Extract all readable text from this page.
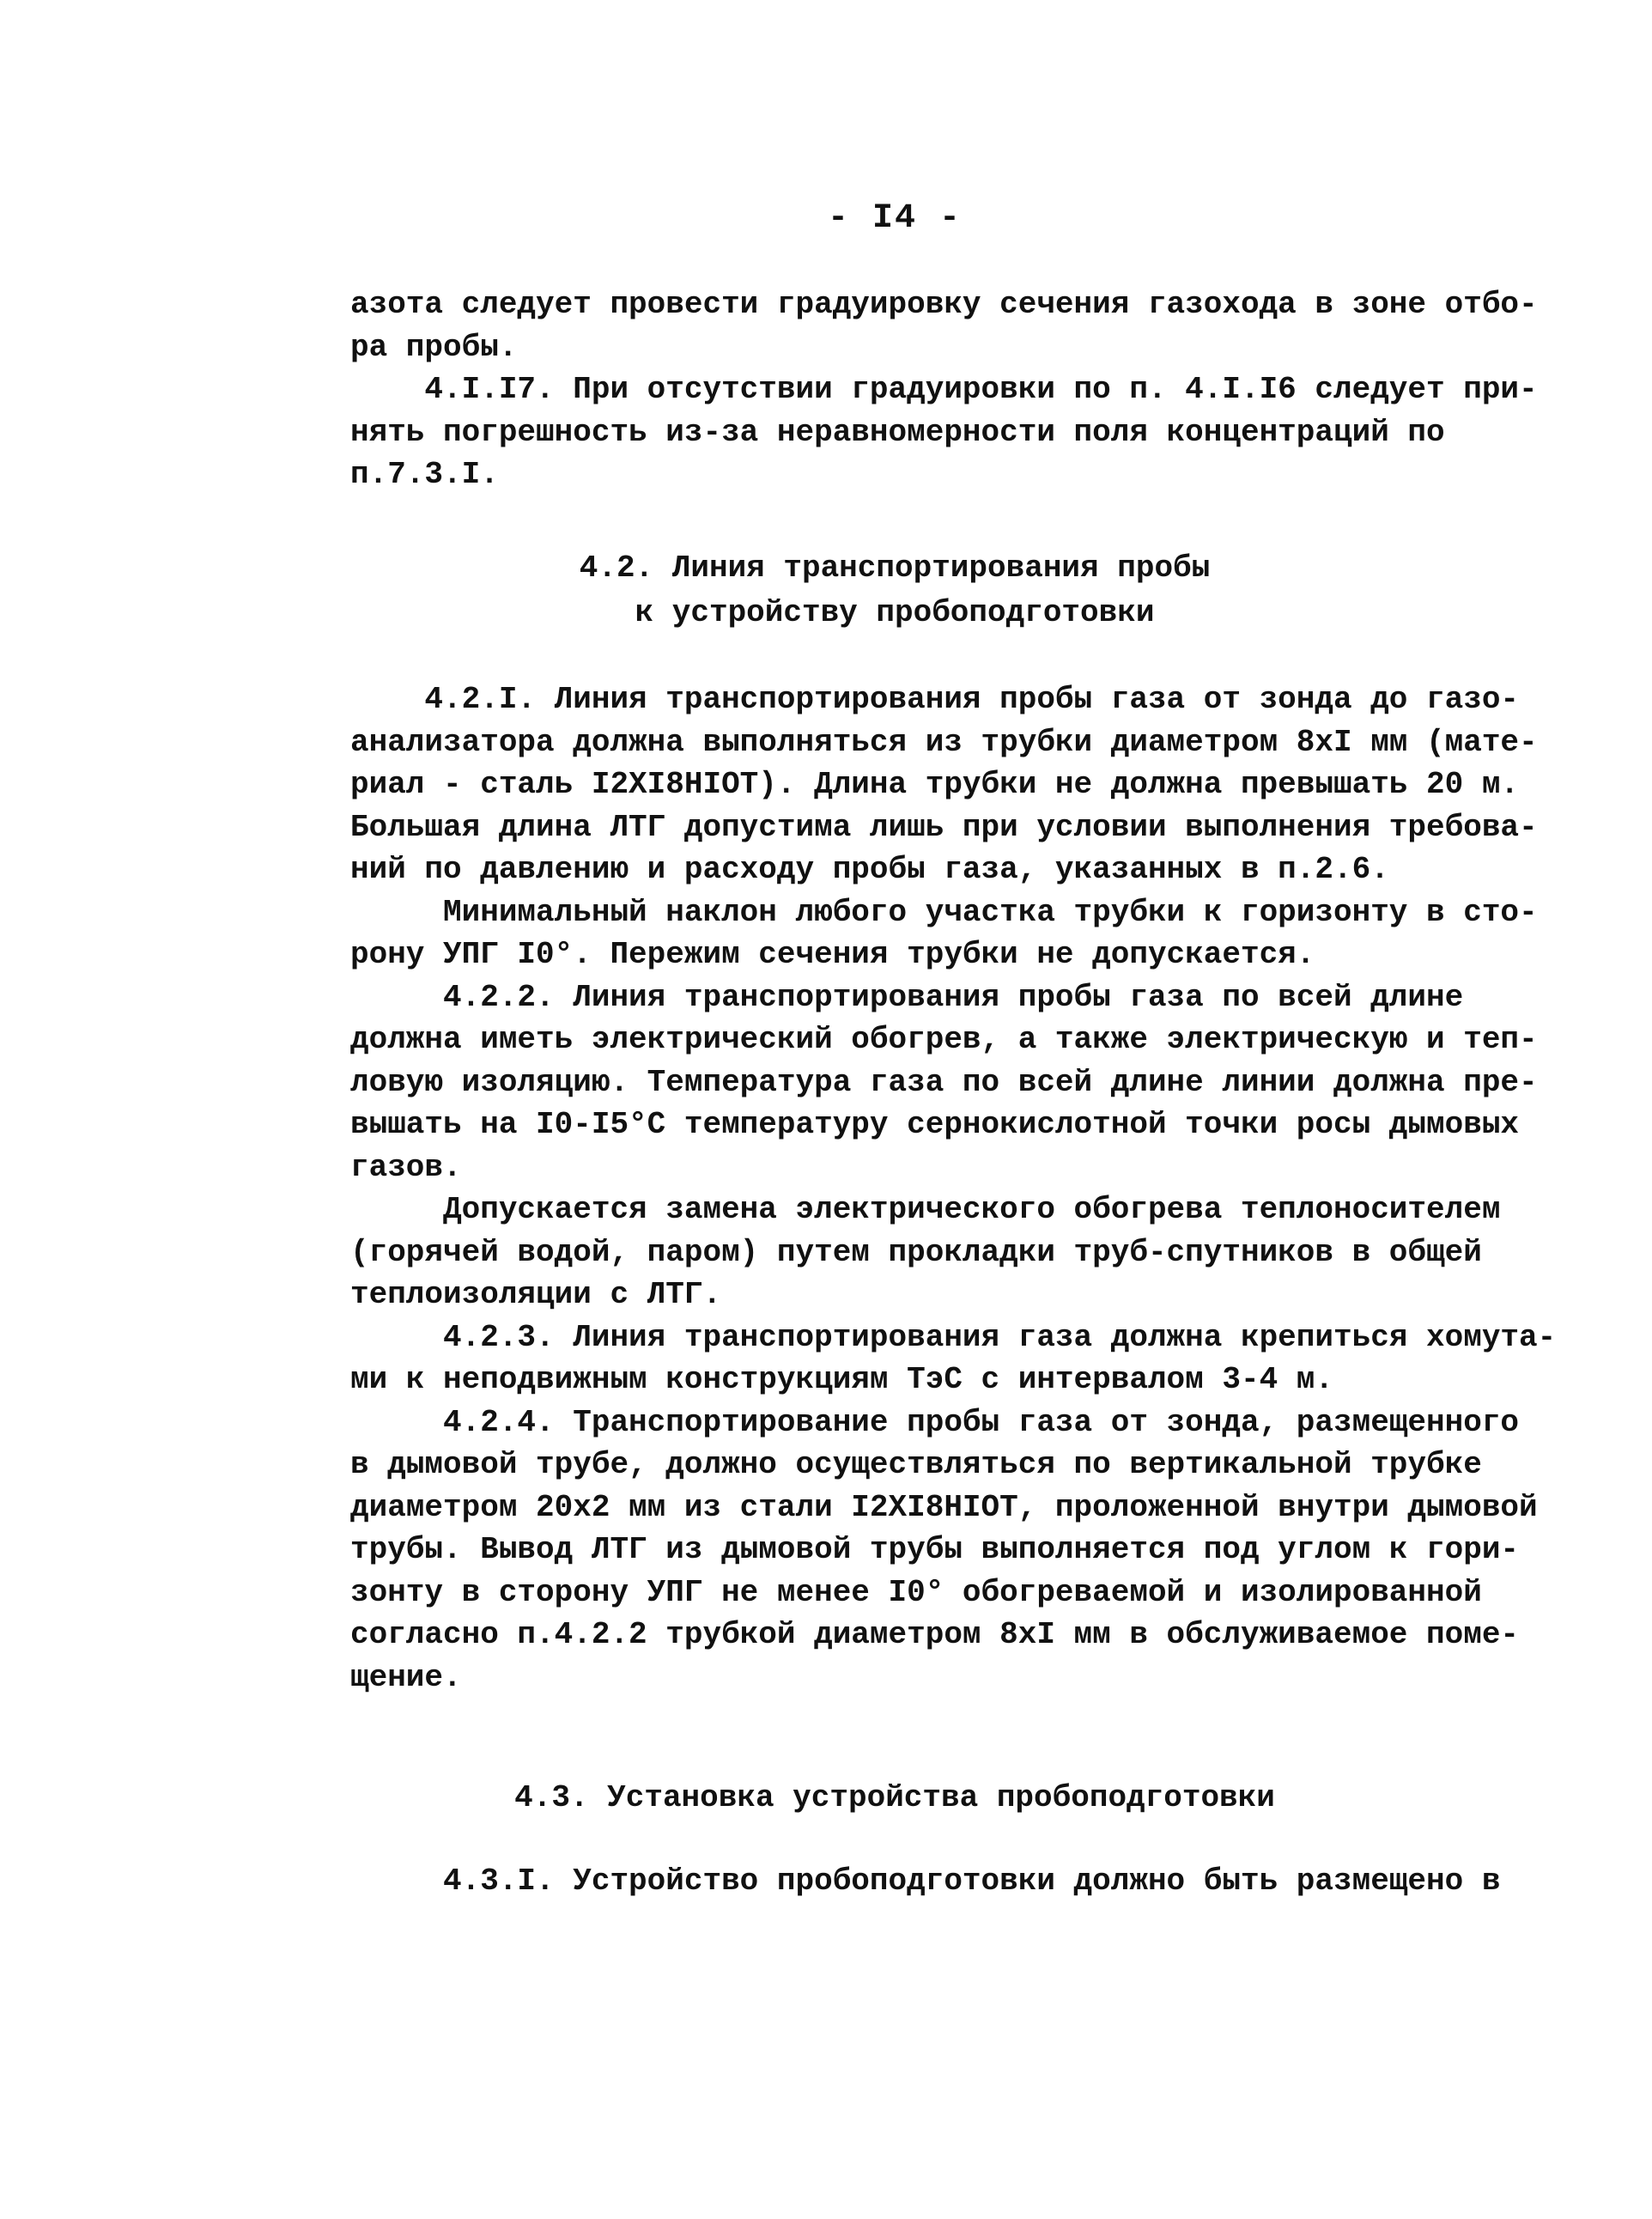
- I4 -
азота следует провести градуировку сечения газохода в зоне отбо-
ра пробы.
4.I.I7. При отсутствии градуировки по п. 4.I.I6 следует при-
нять погрешность из-за неравномерности поля концентраций по
п.7.3.I.
4.2. Линия транспортирования пробы
к устройству пробоподготовки
4.2.I. Линия транспортирования пробы газа от зонда до газо-
анализатора должна выполняться из трубки диаметром 8xI мм (мате-
риал - сталь I2XI8HIOT). Длина трубки не должна превышать 20 м.
Большая длина ЛТГ допустима лишь при условии выполнения требова-
ний по давлению и расходу пробы газа, указанных в п.2.6.
Минимальный наклон любого участка трубки к горизонту в сто-
рону УПГ I0°. Пережим сечения трубки не допускается.
4.2.2. Линия транспортирования пробы газа по всей длине
должна иметь электрический обогрев, а также электрическую и теп-
ловую изоляцию. Температура газа по всей длине линии должна пре-
вышать на I0-I5°C температуру сернокислотной точки росы дымовых
газов.
Допускается замена электрического обогрева теплоносителем
(горячей водой, паром) путем прокладки труб-спутников в общей
теплоизоляции с ЛТГ.
4.2.3. Линия транспортирования газа должна крепиться хомута-
ми к неподвижным конструкциям ТэС с интервалом 3-4 м.
4.2.4. Транспортирование пробы газа от зонда, размещенного
в дымовой трубе, должно осуществляться по вертикальной трубке
диаметром 20x2 мм из стали I2XI8HIOT, проложенной внутри дымовой
трубы. Вывод ЛТГ из дымовой трубы выполняется под углом к гори-
зонту в сторону УПГ не менее I0° обогреваемой и изолированной
согласно п.4.2.2 трубкой диаметром 8xI мм в обслуживаемое поме-
щение.
4.3. Установка устройства пробоподготовки
4.3.I. Устройство пробоподготовки должно быть размещено в
